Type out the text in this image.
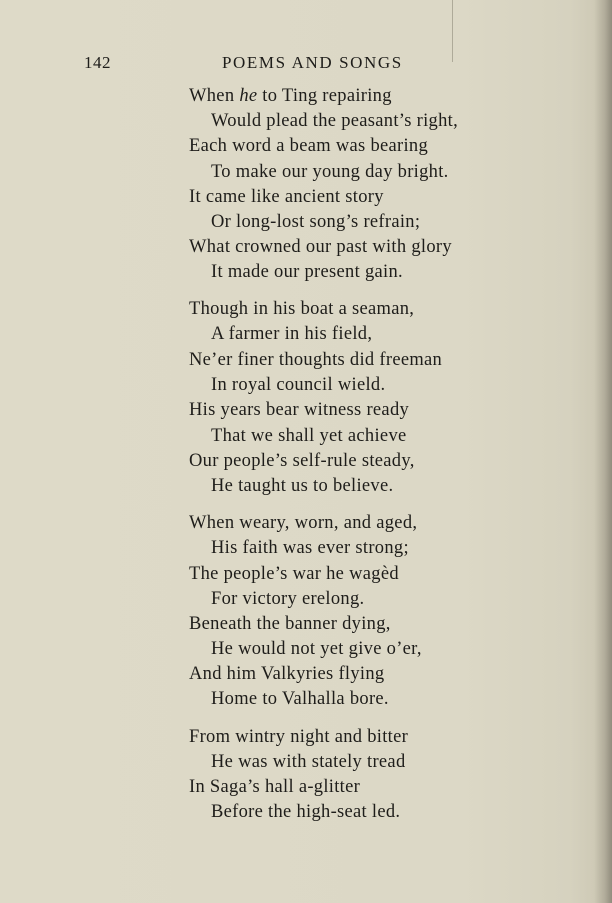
142	POEMS AND SONGS
When he to Ting repairing
Would plead the peasant’s right,
Each word a beam was bearing
To make our young day bright.
It came like ancient story
Or long-lost song’s refrain;
What crowned our past with glory
It made our present gain.
Though in his boat a seaman,
A farmer in his field,
Ne’er finer thoughts did freeman
In royal council wield.
His years bear witness ready
That we shall yet achieve
Our people’s self-rule steady,
He taught us to believe.
When weary, worn, and aged,
His faith was ever strong;
The people’s war he wagèd
For victory erelong.
Beneath the banner dying,
He would not yet give o’er,
And him Valkyries flying
Home to Valhalla bore.
From wintry night and bitter
He was with stately tread
In Saga’s hall a-glitter
Before the high-seat led.
